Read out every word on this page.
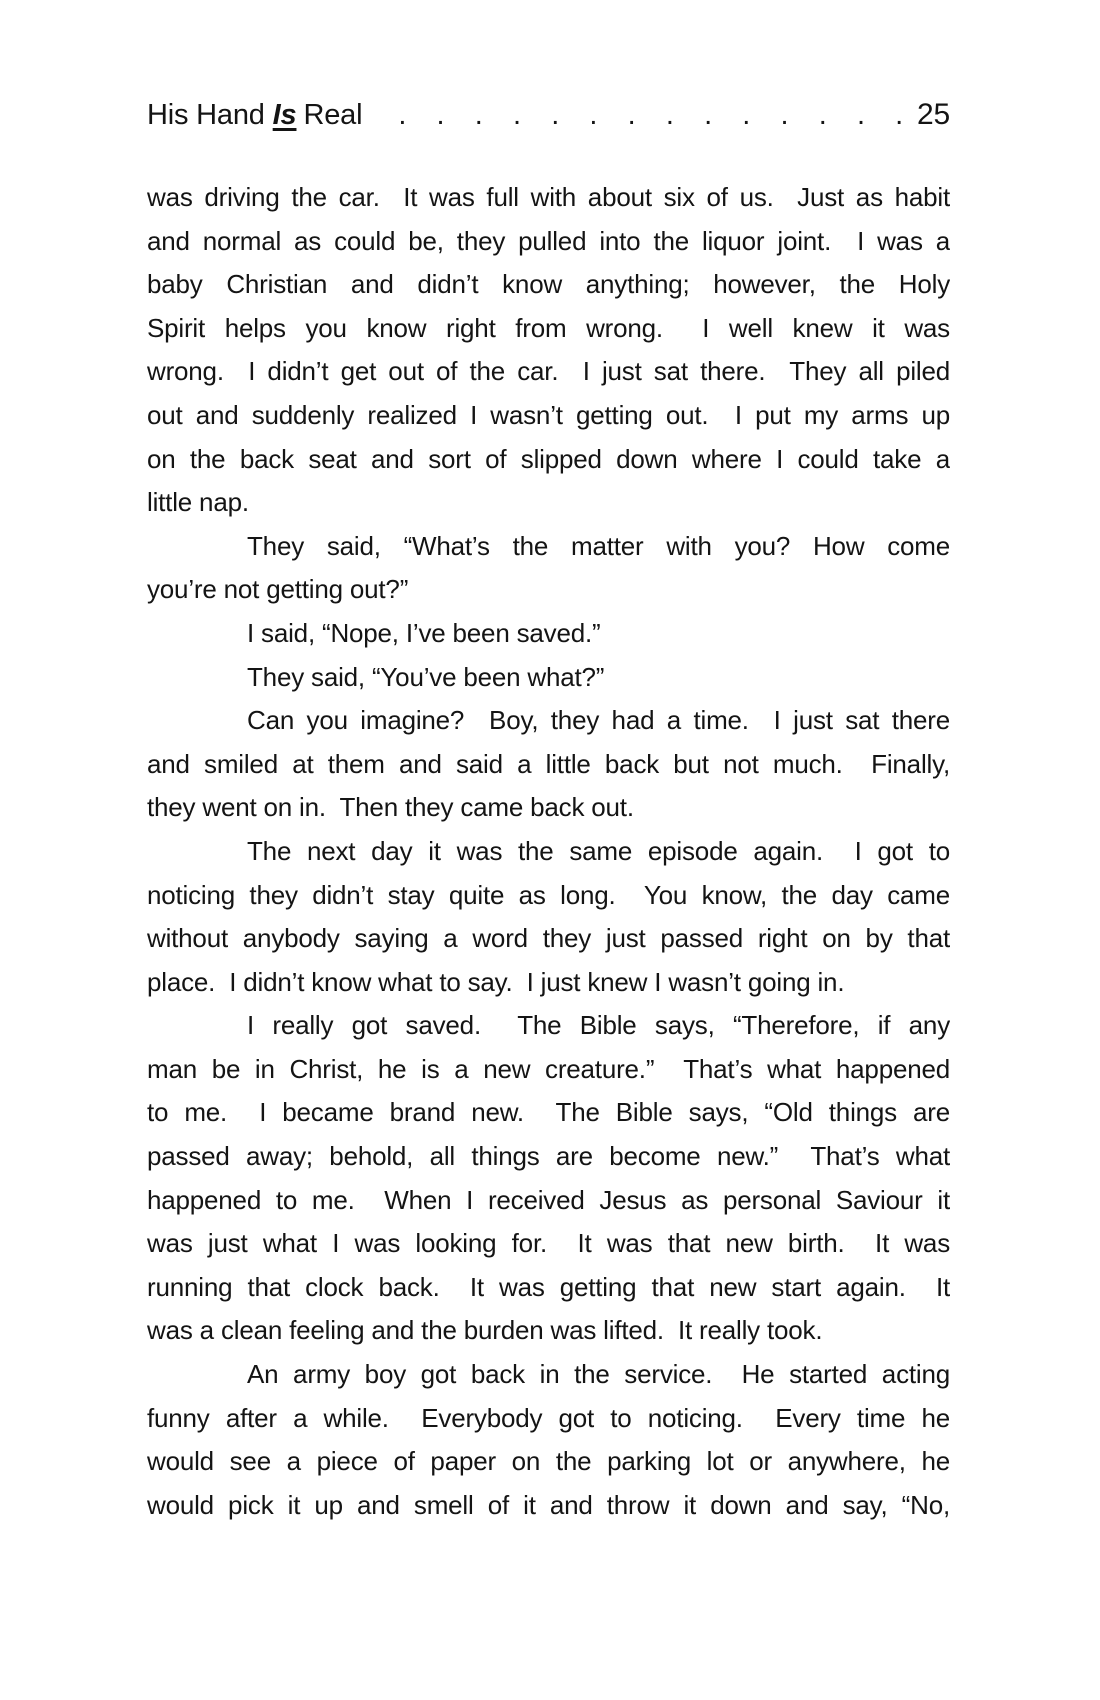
His Hand Is Real . . . . . . . . . . . . . . 25
was driving the car.  It was full with about six of us.  Just as habit
and normal as could be, they pulled into the liquor joint.  I was a
baby Christian and didn’t know anything; however, the Holy
Spirit helps you know right from wrong.  I well knew it was
wrong.  I didn’t get out of the car.  I just sat there.  They all piled
out and suddenly realized I wasn’t getting out.  I put my arms up
on the back seat and sort of slipped down where I could take a
little nap.
They said, “What’s the matter with you? How come
you’re not getting out?”
I said, “Nope, I’ve been saved.”
They said, “You’ve been what?”
Can you imagine?  Boy, they had a time.  I just sat there
and smiled at them and said a little back but not much.  Finally,
they went on in.  Then they came back out.
The next day it was the same episode again.  I got to
noticing they didn’t stay quite as long.  You know, the day came
without anybody saying a word they just passed right on by that
place.  I didn’t know what to say.  I just knew I wasn’t going in.
I really got saved.  The Bible says, “Therefore, if any
man be in Christ, he is a new creature.”  That’s what happened
to me.  I became brand new.  The Bible says, “Old things are
passed away; behold, all things are become new.”  That’s what
happened to me.  When I received Jesus as personal Saviour it
was just what I was looking for.  It was that new birth.  It was
running that clock back.  It was getting that new start again.  It
was a clean feeling and the burden was lifted.  It really took.
An army boy got back in the service.  He started acting
funny after a while.  Everybody got to noticing.  Every time he
would see a piece of paper on the parking lot or anywhere, he
would pick it up and smell of it and throw it down and say, “No,
